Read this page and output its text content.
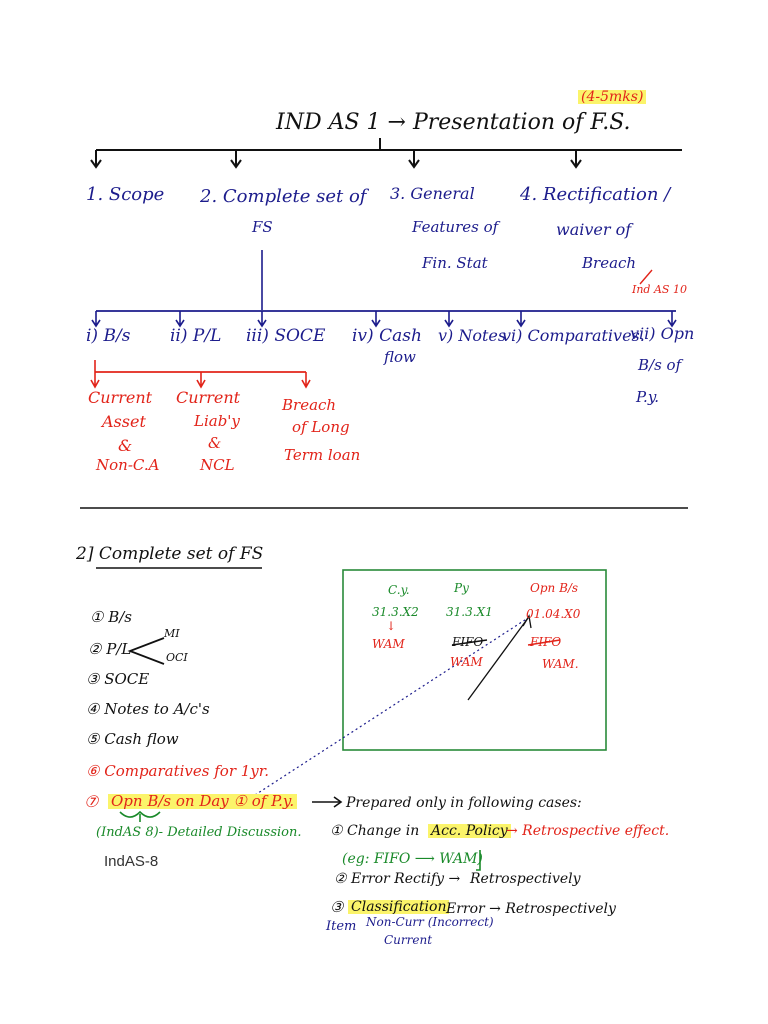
(4-5mks)
IND AS 1 → Presentation of F.S.
1. Scope 2. Complete set of
FS
3. General
Features of
Fin. Stat
4. Rectification /
waiver of
Breach
Ind AS 10
i) B/s ii) P/L iii) SOCE iv) Cash
flow
v) Notes
vi) Comparatives.
vii) Opn
B/s of
P.y.
Current
Asset
&
Non-C.A
Current
Liab'y
&
NCL
Breach
of Long
Term loan
2] Complete set of FS
① B/s
② P/L
MI
OCI
③ SOCE
④ Notes to A/c's
⑤ Cash flow
⑥ Comparatives for 1yr.
⑦ Opn B/s on Day ① of P.y.
(IndAS 8)- Detailed Discussion.
IndAS-8
C.y.	Py	Opn B/s
31.3.X2 31.3.X1	01.04.X0
↓
WAM	FIFO
WAM
FIFO
WAM.
Prepared only in following cases:
① Change in Acc. Policy
→ Retrospective effect.
(eg: FIFO ⟶ WAM)
② Error Rectify → Retrospectively
③ Classification Error → Retrospectively
Item Non-Curr (Incorrect)
Current
